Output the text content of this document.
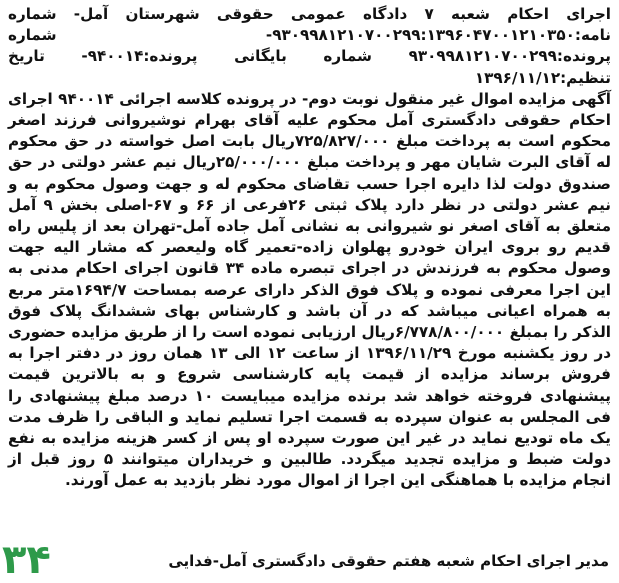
اجرای احکام شعبه ۷ دادگاه عمومی حقوقی شهرستان آمل- شماره نامه:۹۳۰۹۹۸۱۲۱۰۷۰۰۲۹۹:۱۳۹۶۰۴۷۰۰۱۲۱۰۳۵۰- شماره پرونده:۹۳۰۹۹۸۱۲۱۰۷۰۰۲۹۹ شماره بایگانی پرونده:۹۴۰۰۱۴- تاریخ تنظیم:۱۳۹۶/۱۱/۱۲

آگهی مزایده اموال غیر منقول نوبت دوم- در پرونده کلاسه اجرائی ۹۴۰۰۱۴ اجرای احکام حقوقی دادگستری آمل محکوم علیه آقای بهرام نوشیروانی فرزند اصغر محکوم است به پرداخت مبلغ ۷۲۵/۸۲۷/۰۰۰ریال بابت اصل خواسته در حق محکوم له آقای البرت شایان مهر و پرداخت مبلغ ۲۵/۰۰۰/۰۰۰ریال نیم عشر دولتی در حق صندوق دولت لذا دایره اجرا حسب تقاضای محکوم له و جهت وصول محکوم به و نیم عشر دولتی در نظر دارد پلاک ثبتی ۲۶فرعی از ۶۶ و ۶۷-اصلی بخش ۹ آمل متعلق به آقای اصغر نو شیروانی به نشانی آمل جاده آمل-تهران بعد از پلیس راه قدیم رو بروی ایران خودرو پهلوان زاده-تعمیر گاه ولیعصر که مشار الیه جهت وصول محکوم به فرزندش در اجرای تبصره ماده ۳۴ قانون اجرای احکام مدنی به این اجرا معرفی نموده و پلاک فوق الذکر دارای عرصه بمساحت ۱۶۹۴/۷متر مربع به همراه اعیانی میباشد که در آن باشد و کارشناس بهای ششدانگ پلاک فوق الذکر را بمبلغ ۶/۷۷۸/۸۰۰/۰۰۰ریال ارزیابی نموده است را از طریق مزایده حضوری در روز یکشنبه مورخ ۱۳۹۶/۱۱/۲۹ از ساعت ۱۲ الی ۱۳ همان روز در دفتر اجرا به فروش برساند مزایده از قیمت پایه کارشناسی شروع و به بالاترین قیمت پیشنهادی فروخته خواهد شد برنده مزایده میبایست ۱۰ درصد مبلغ پیشنهادی را فی المجلس به عنوان سپرده به قسمت اجرا تسلیم نماید و الباقی را ظرف مدت یک ماه تودیع نماید در غیر این صورت سپرده او پس از کسر هزینه مزایده به نفع دولت ضبط و مزایده تجدید میگردد. طالبین و خریداران میتوانند ۵ روز قبل از انجام مزایده با هماهنگی این اجرا از اموال مورد نظر بازدید به عمل آورند.

مدیر اجرای احکام شعبه هفتم حقوقی دادگستری آمل-فدایی
۳۴
